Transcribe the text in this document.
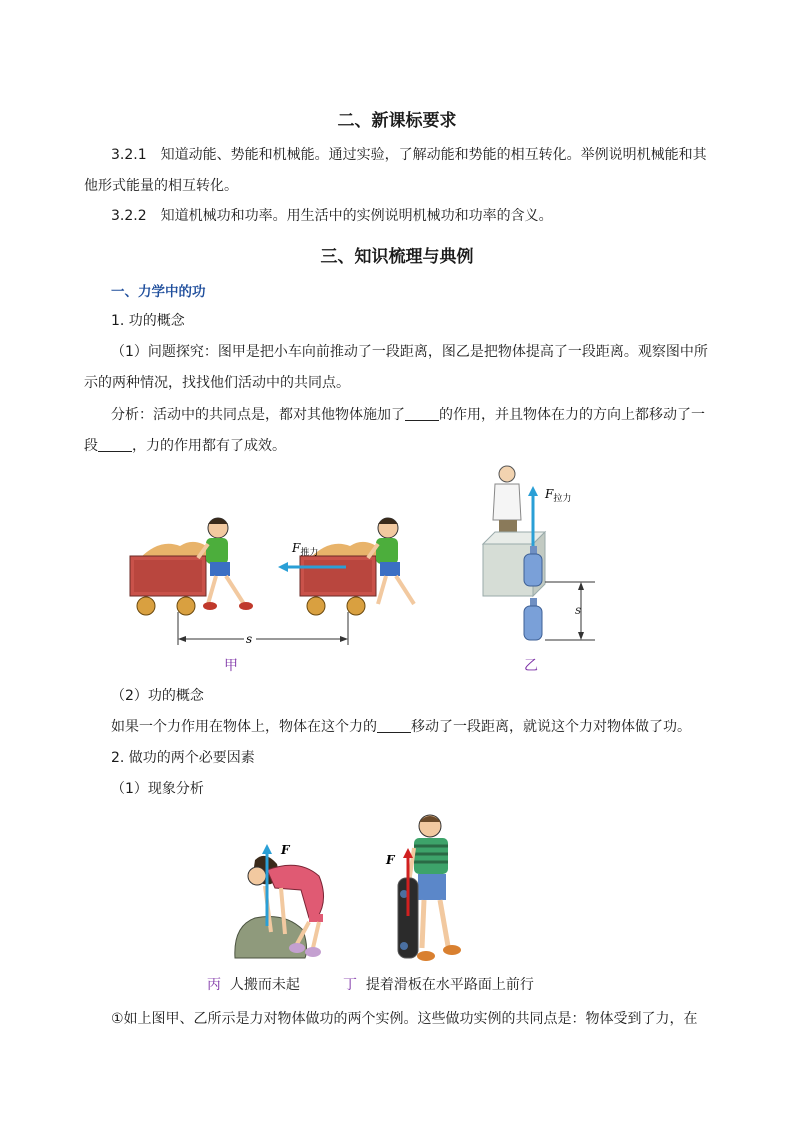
二、新课标要求
3.2.1　知道动能、势能和机械能。通过实验，了解动能和势能的相互转化。举例说明机械能和其
他形式能量的相互转化。
3.2.2　知道机械功和功率。用生活中的实例说明机械功和功率的含义。
三、知识梳理与典例
一、力学中的功
1. 功的概念
（1）问题探究：图甲是把小车向前推动了一段距离，图乙是把物体提高了一段距离。观察图中所
示的两种情况，找找他们活动中的共同点。
分析：活动中的共同点是，都对其他物体施加了 的作用，并且物体在力的方向上都移动了一
段 ，力的作用都有了成效。
$F_{推力}$
s
甲
$F_{拉力}$
s
乙
（2）功的概念
如果一个力作用在物体上，物体在这个力的 移动了一段距离，就说这个力对物体做了功。
2. 做功的两个必要因素
（1）现象分析
F
丙 人搬而未起
F
丁 提着滑板在水平路面上前行
①如上图甲、乙所示是力对物体做功的两个实例。这些做功实例的共同点是：物体受到了力，在
